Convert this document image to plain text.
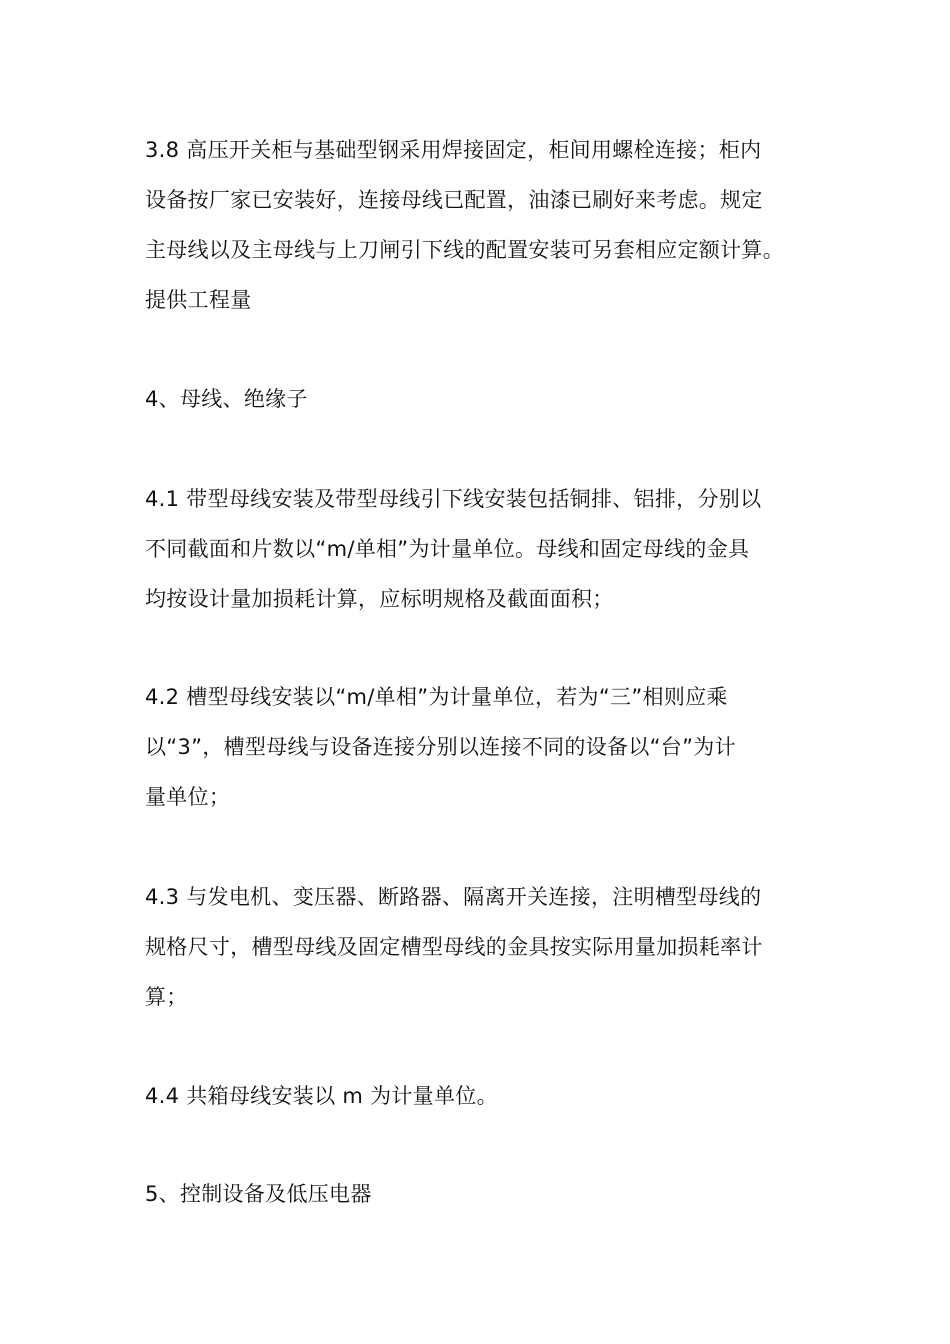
3.8 高压开关柜与基础型钢采用焊接固定，柜间用螺栓连接；柜内
设备按厂家已安装好，连接母线已配置，油漆已刷好来考虑。规定
主母线以及主母线与上刀闸引下线的配置安装可另套相应定额计算。
提供工程量
4、母线、绝缘子
4.1 带型母线安装及带型母线引下线安装包括铜排、铝排，分别以
不同截面和片数以“m/单相”为计量单位。母线和固定母线的金具
均按设计量加损耗计算，应标明规格及截面面积；
4.2 槽型母线安装以“m/单相”为计量单位，若为“三”相则应乘
以“3”，槽型母线与设备连接分别以连接不同的设备以“台”为计
量单位；
4.3 与发电机、变压器、断路器、隔离开关连接，注明槽型母线的
规格尺寸，槽型母线及固定槽型母线的金具按实际用量加损耗率计
算；
4.4 共箱母线安装以 m 为计量单位。
5、控制设备及低压电器
